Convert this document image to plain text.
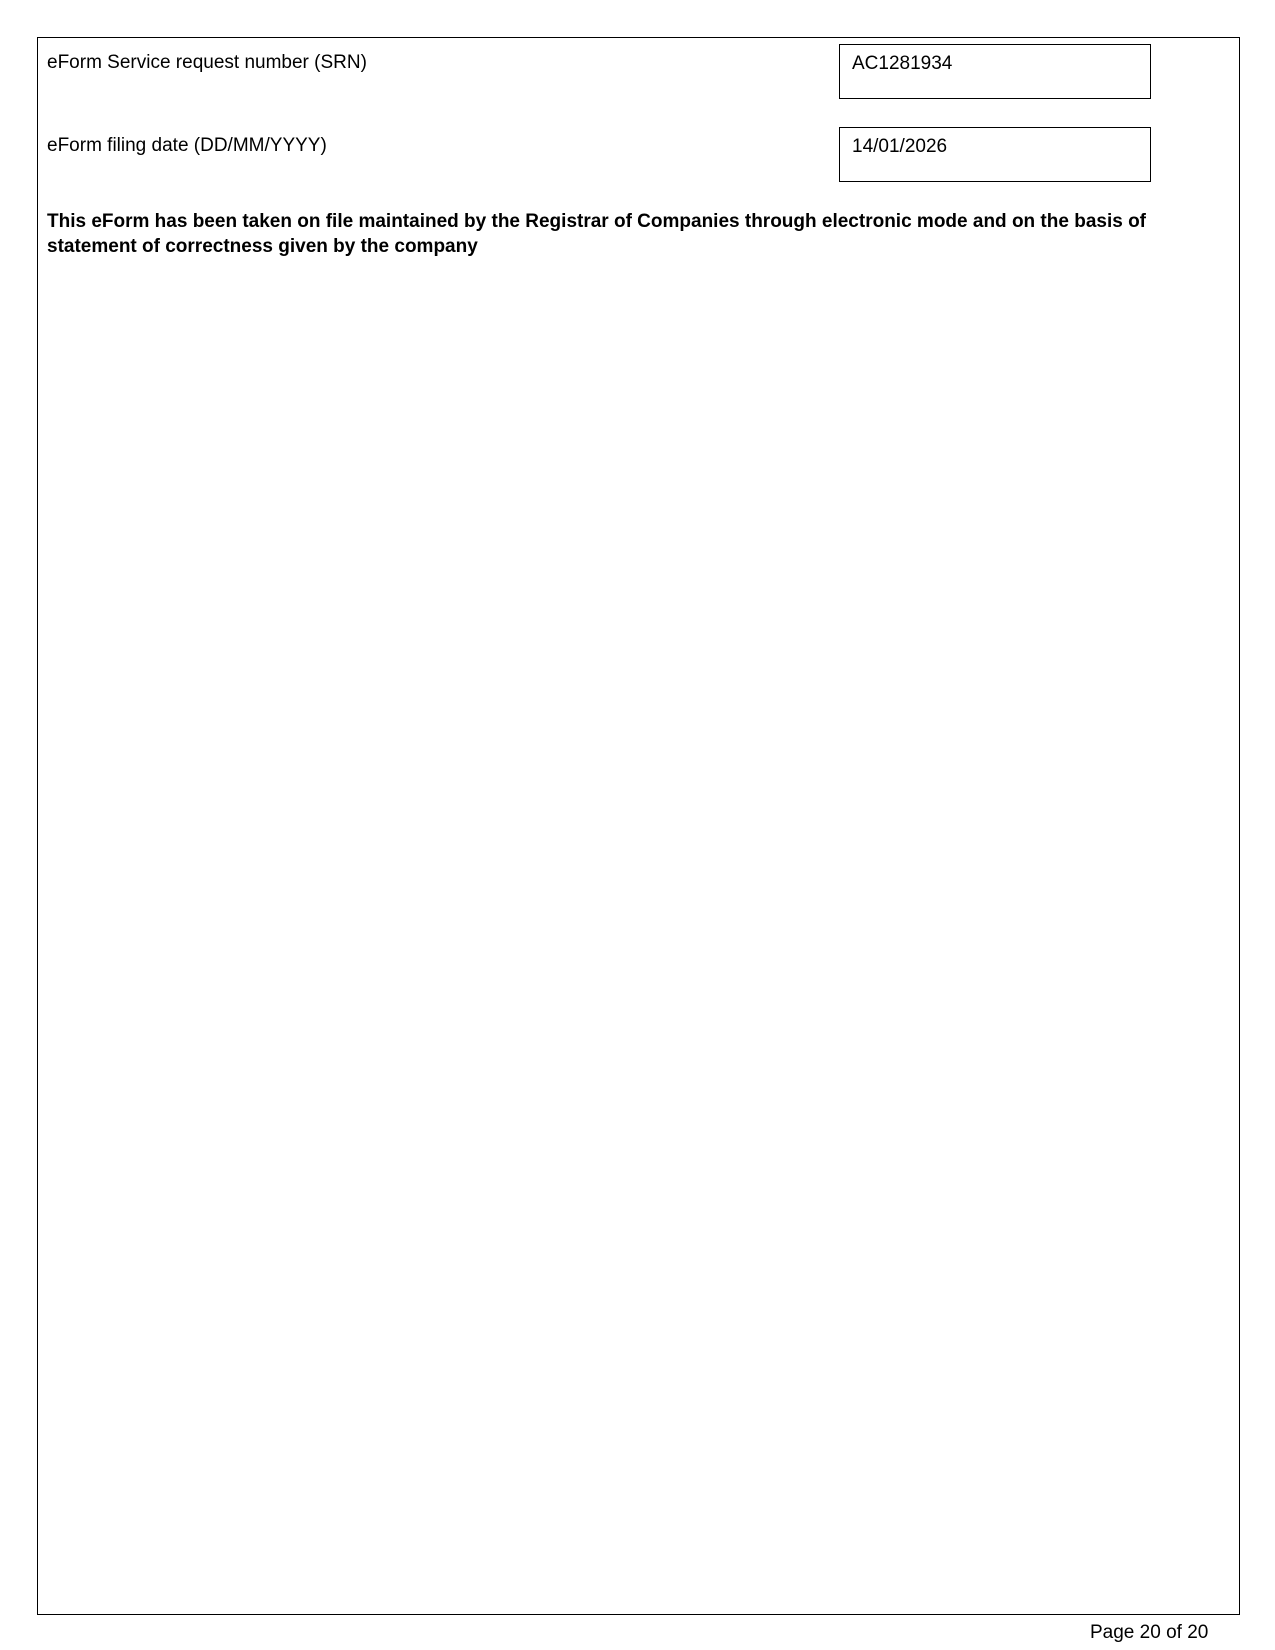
eForm Service request number (SRN)	AC1281934
eForm filing date (DD/MM/YYYY)	14/01/2026
This eForm has been taken on file maintained by the Registrar of Companies through electronic mode and on the basis of statement of correctness given by the company
Page 20 of 20
